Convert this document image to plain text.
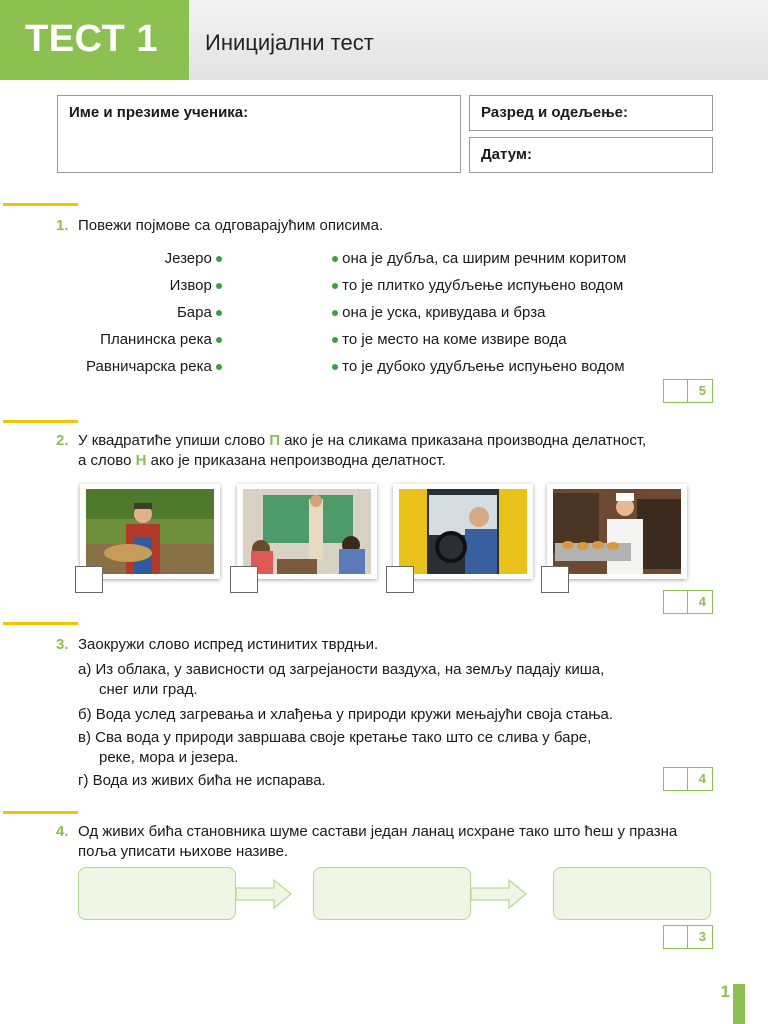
ТЕСТ 1 Иницијални тест
Име и презиме ученика:	Разред и одељење:
Датум:
1. Повежи појмове са одговарајућим описима.
Језеро
Извор
Бара
Планинска река
Равничарска река
она је дубља, са ширим речним коритом
то је плитко удубљење испуњено водом
она је уска, кривудава и брза
то је место на коме извире вода
то је дубоко удубљење испуњено водом
5
2. У квадратиће упиши слово П ако је на сликама приказана производна делатност,
а слово Н ако је приказана непроизводна делатност.
4
3. Заокружи слово испред истинитих тврдњи.
а) Из облака, у зависности од загрејаности ваздуха, на земљу падају киша,
снег или град.
б) Вода услед загревања и хлађења у природи кружи мењајући своја стања.
в) Сва вода у природи завршава своје кретање тако што се слива у баре,
реке, мора и језера.
г) Вода из живих бића не испарава.	4
4. Од живих бића становника шуме састави један ланац исхране тако што ћеш у празна
поља уписати њихове називе.
3
1
